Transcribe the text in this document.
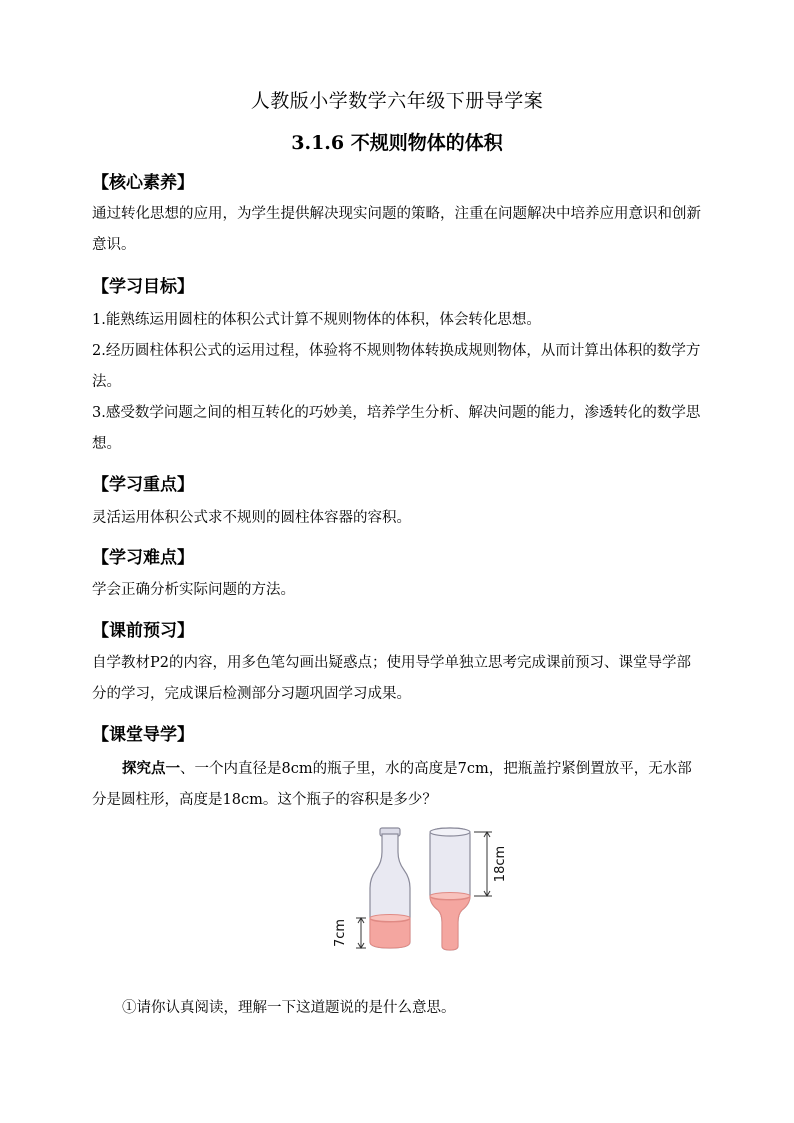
人教版小学数学六年级下册导学案
3.1.6 不规则物体的体积
【核心素养】
通过转化思想的应用，为学生提供解决现实问题的策略，注重在问题解决中培养应用意识和创新意识。
【学习目标】
1.能熟练运用圆柱的体积公式计算不规则物体的体积，体会转化思想。
2.经历圆柱体积公式的运用过程，体验将不规则物体转换成规则物体，从而计算出体积的数学方法。
3.感受数学问题之间的相互转化的巧妙美，培养学生分析、解决问题的能力，渗透转化的数学思想。
【学习重点】
灵活运用体积公式求不规则的圆柱体容器的容积。
【学习难点】
学会正确分析实际问题的方法。
【课前预习】
自学教材P2的内容，用多色笔勾画出疑惑点；使用导学单独立思考完成课前预习、课堂导学部分的学习，完成课后检测部分习题巩固学习成果。
【课堂导学】
探究点一、一个内直径是8cm的瓶子里，水的高度是7cm，把瓶盖拧紧倒置放平，无水部分是圆柱形，高度是18cm。这个瓶子的容积是多少？
7cm
18cm
①请你认真阅读，理解一下这道题说的是什么意思。
